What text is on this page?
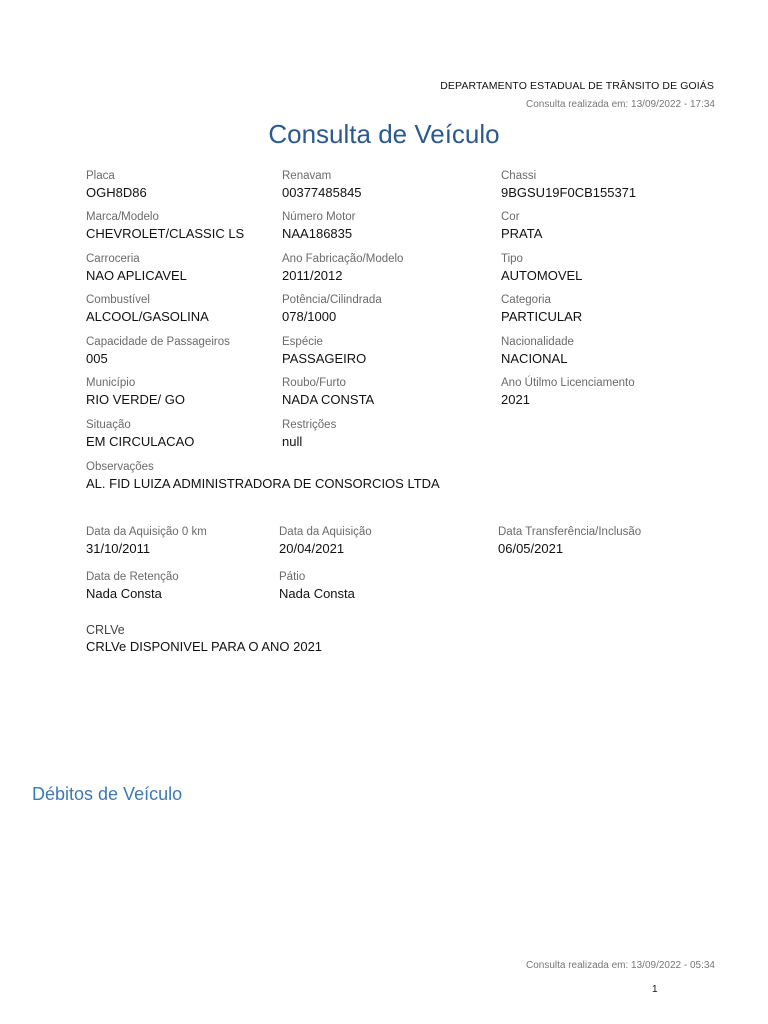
DEPARTAMENTO ESTADUAL DE TRÂNSITO DE GOIÁS
Consulta realizada em: 13/09/2022 - 17:34
Consulta de Veículo
Placa
OGH8D86
Renavam
00377485845
Chassi
9BGSU19F0CB155371
Marca/Modelo
CHEVROLET/CLASSIC LS
Número Motor
NAA186835
Cor
PRATA
Carroceria
NAO APLICAVEL
Ano Fabricação/Modelo
2011/2012
Tipo
AUTOMOVEL
Combustível
ALCOOL/GASOLINA
Potência/Cilindrada
078/1000
Categoria
PARTICULAR
Capacidade de Passageiros
005
Espécie
PASSAGEIRO
Nacionalidade
NACIONAL
Município
RIO VERDE/ GO
Roubo/Furto
NADA CONSTA
Ano Útilmo Licenciamento
2021
Situação
EM CIRCULACAO
Restrições
null
Observações
AL. FID LUIZA ADMINISTRADORA DE CONSORCIOS LTDA
Data da Aquisição 0 km
31/10/2011
Data da Aquisição
20/04/2021
Data Transferência/Inclusão
06/05/2021
Data de Retenção
Nada Consta
Pátio
Nada Consta
CRLVe
CRLVe DISPONIVEL PARA O ANO 2021
Débitos de Veículo
Consulta realizada em: 13/09/2022 - 05:34
1
